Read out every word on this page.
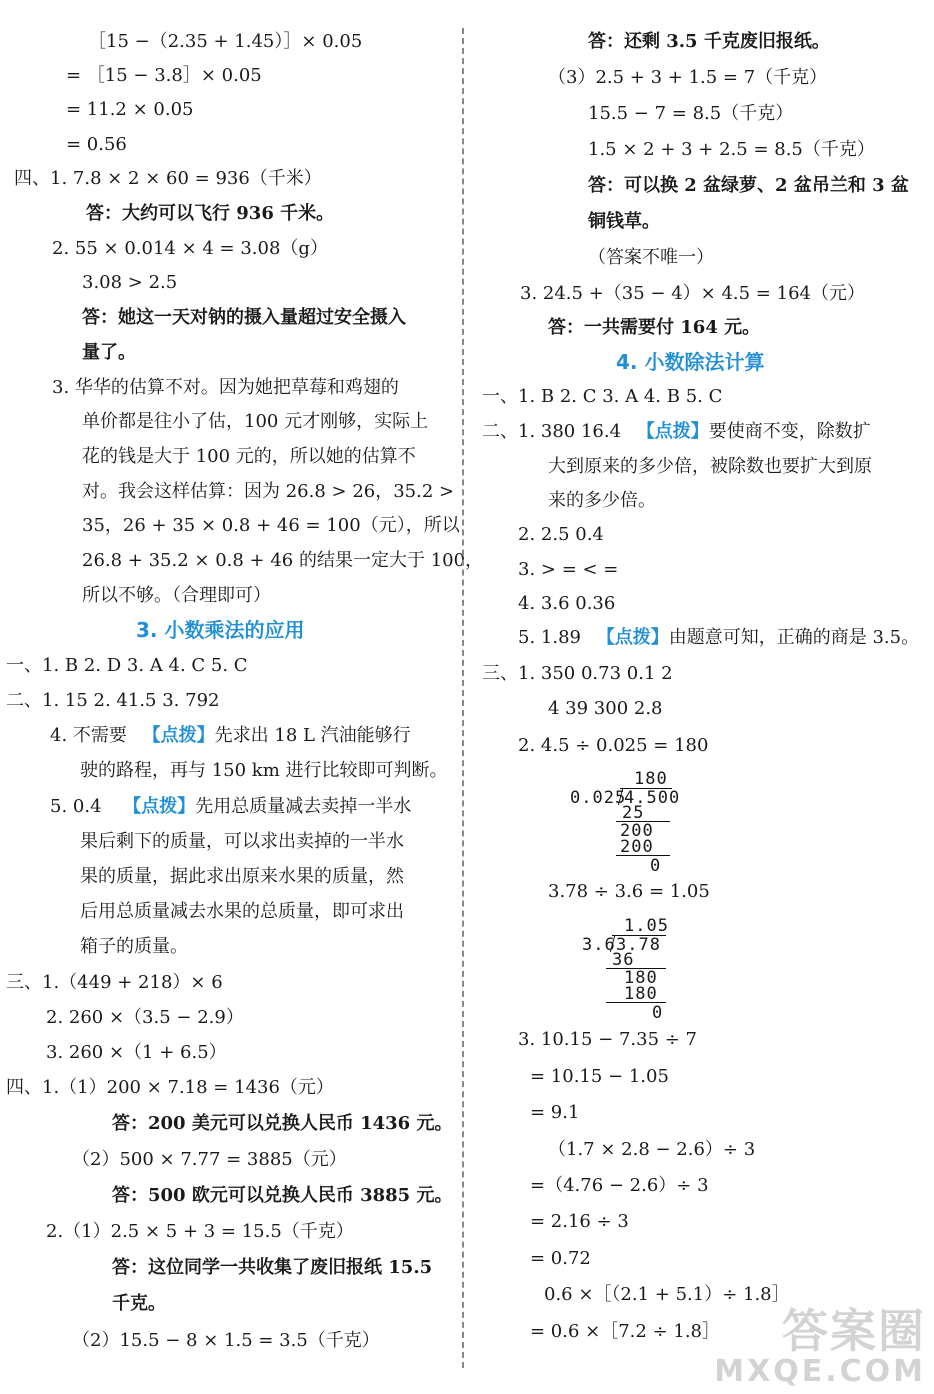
［15 −（2.35 + 1.45）］× 0.05
= ［15 − 3.8］× 0.05
= 11.2 × 0.05
= 0.56
四、1. 7.8 × 2 × 60 = 936（千米）
答：大约可以飞行 936 千米。
2. 55 × 0.014 × 4 = 3.08（g）
3.08 > 2.5
答：她这一天对钠的摄入量超过安全摄入
量了。
3. 华华的估算不对。因为她把草莓和鸡翅的
单价都是往小了估，100 元才刚够，实际上
花的钱是大于 100 元的，所以她的估算不
对。我会这样估算：因为 26.8 > 26，35.2 >
35，26 + 35 × 0.8 + 46 = 100（元），所以
26.8 + 35.2 × 0.8 + 46 的结果一定大于 100，
所以不够。（合理即可）
3. 小数乘法的应用
一、1. B 2. D 3. A 4. C 5. C
二、1. 15 2. 41.5 3. 792
4. 不需要 【点拨】先求出 18 L 汽油能够行
驶的路程，再与 150 km 进行比较即可判断。
5. 0.4 【点拨】先用总质量减去卖掉一半水
果后剩下的质量，可以求出卖掉的一半水
果的质量，据此求出原来水果的质量，然
后用总质量减去水果的总质量，即可求出
箱子的质量。
三、1.（449 + 218）× 6
2. 260 ×（3.5 − 2.9）
3. 260 ×（1 + 6.5）
四、1.（1）200 × 7.18 = 1436（元）
答：200 美元可以兑换人民币 1436 元。
（2）500 × 7.77 = 3885（元）
答：500 欧元可以兑换人民币 3885 元。
2.（1）2.5 × 5 + 3 = 15.5（千克）
答：这位同学一共收集了废旧报纸 15.5
千克。
（2）15.5 − 8 × 1.5 = 3.5（千克）
答：还剩 3.5 千克废旧报纸。
（3）2.5 + 3 + 1.5 = 7（千克）
15.5 − 7 = 8.5（千克）
1.5 × 2 + 3 + 2.5 = 8.5（千克）
答：可以换 2 盆绿萝、2 盆吊兰和 3 盆
铜钱草。
（答案不唯一）
3. 24.5 +（35 − 4）× 4.5 = 164（元）
答：一共需要付 164 元。
4. 小数除法计算
一、1. B 2. C 3. A 4. B 5. C
二、1. 380 16.4 【点拨】要使商不变，除数扩
大到原来的多少倍，被除数也要扩大到原
来的多少倍。
2. 2.5 0.4
3. > = < =
4. 3.6 0.36
5. 1.89 【点拨】由题意可知，正确的商是 3.5。
三、1. 350 0.73 0.1 2
4 39 300 2.8
2. 4.5 ÷ 0.025 = 180
180
0.025
4.500
25
200
200
0
3.78 ÷ 3.6 = 1.05
1.05
3.6 3.78
36
180
180
0
3. 10.15 − 7.35 ÷ 7
= 10.15 − 1.05
= 9.1
（1.7 × 2.8 − 2.6）÷ 3
=（4.76 − 2.6）÷ 3
= 2.16 ÷ 3
= 0.72
0.6 ×［（2.1 + 5.1）÷ 1.8］
= 0.6 ×［7.2 ÷ 1.8］	答案圈
MXQE.COM
